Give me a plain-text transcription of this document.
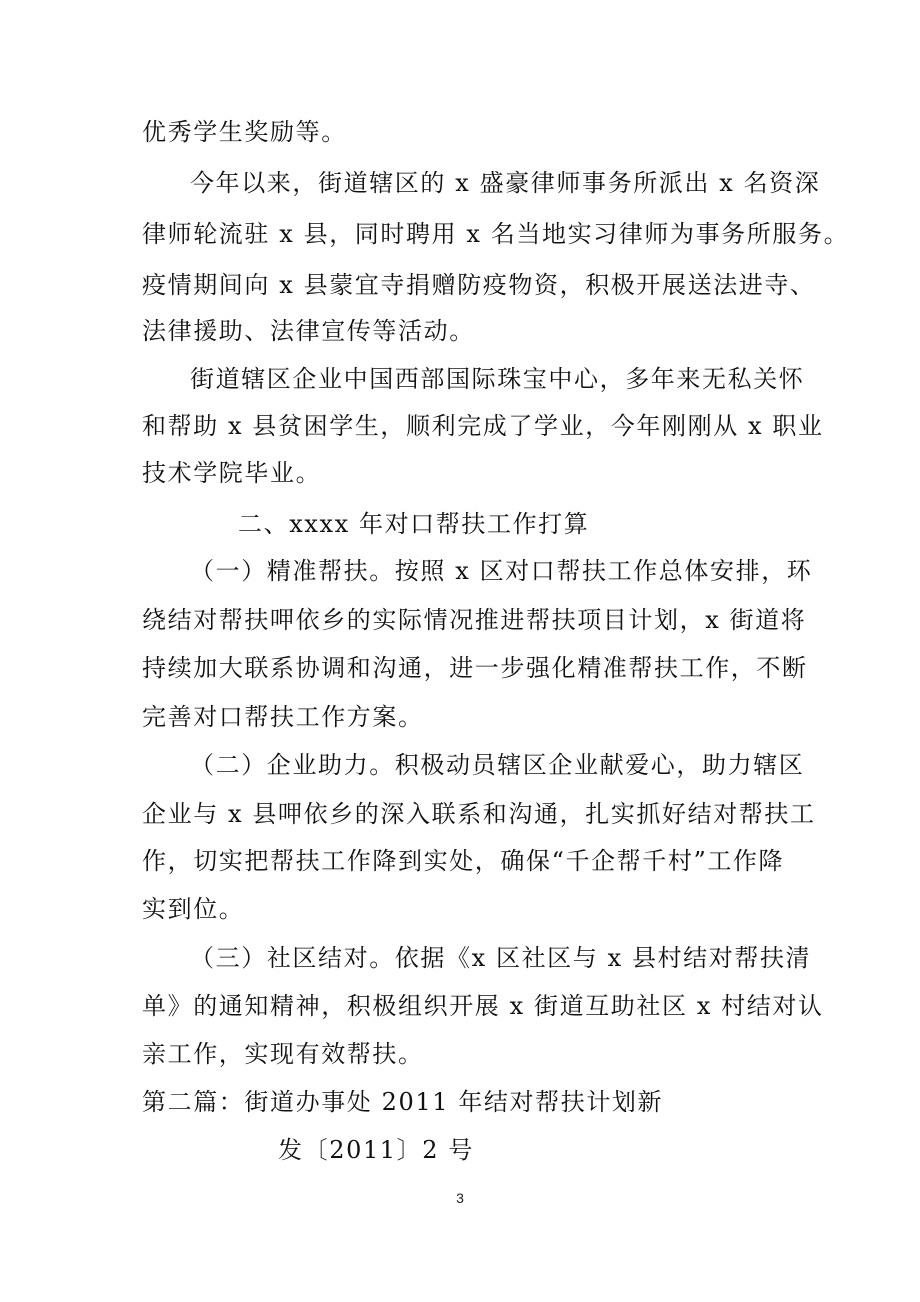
优秀学生奖励等。
今年以来，街道辖区的 x 盛豪律师事务所派出 x 名资深
律师轮流驻 x 县，同时聘用 x 名当地实习律师为事务所服务。
疫情期间向 x 县蒙宜寺捐赠防疫物资，积极开展送法进寺、
法律援助、法律宣传等活动。
街道辖区企业中国西部国际珠宝中心，多年来无私关怀
和帮助 x 县贫困学生，顺利完成了学业，今年刚刚从 x 职业
技术学院毕业。
二、xxxx 年对口帮扶工作打算
（一）精准帮扶。按照 x 区对口帮扶工作总体安排，环
绕结对帮扶呷依乡的实际情况推进帮扶项目计划，x 街道将
持续加大联系协调和沟通，进一步强化精准帮扶工作，不断
完善对口帮扶工作方案。
（二）企业助力。积极动员辖区企业献爱心，助力辖区
企业与 x 县呷依乡的深入联系和沟通，扎实抓好结对帮扶工
作，切实把帮扶工作降到实处，确保“千企帮千村”工作降
实到位。
（三）社区结对。依据《x 区社区与 x 县村结对帮扶清
单》的通知精神，积极组织开展 x 街道互助社区 x 村结对认
亲工作，实现有效帮扶。
第二篇：街道办事处 2011 年结对帮扶计划新
发〔2011〕2 号
3
